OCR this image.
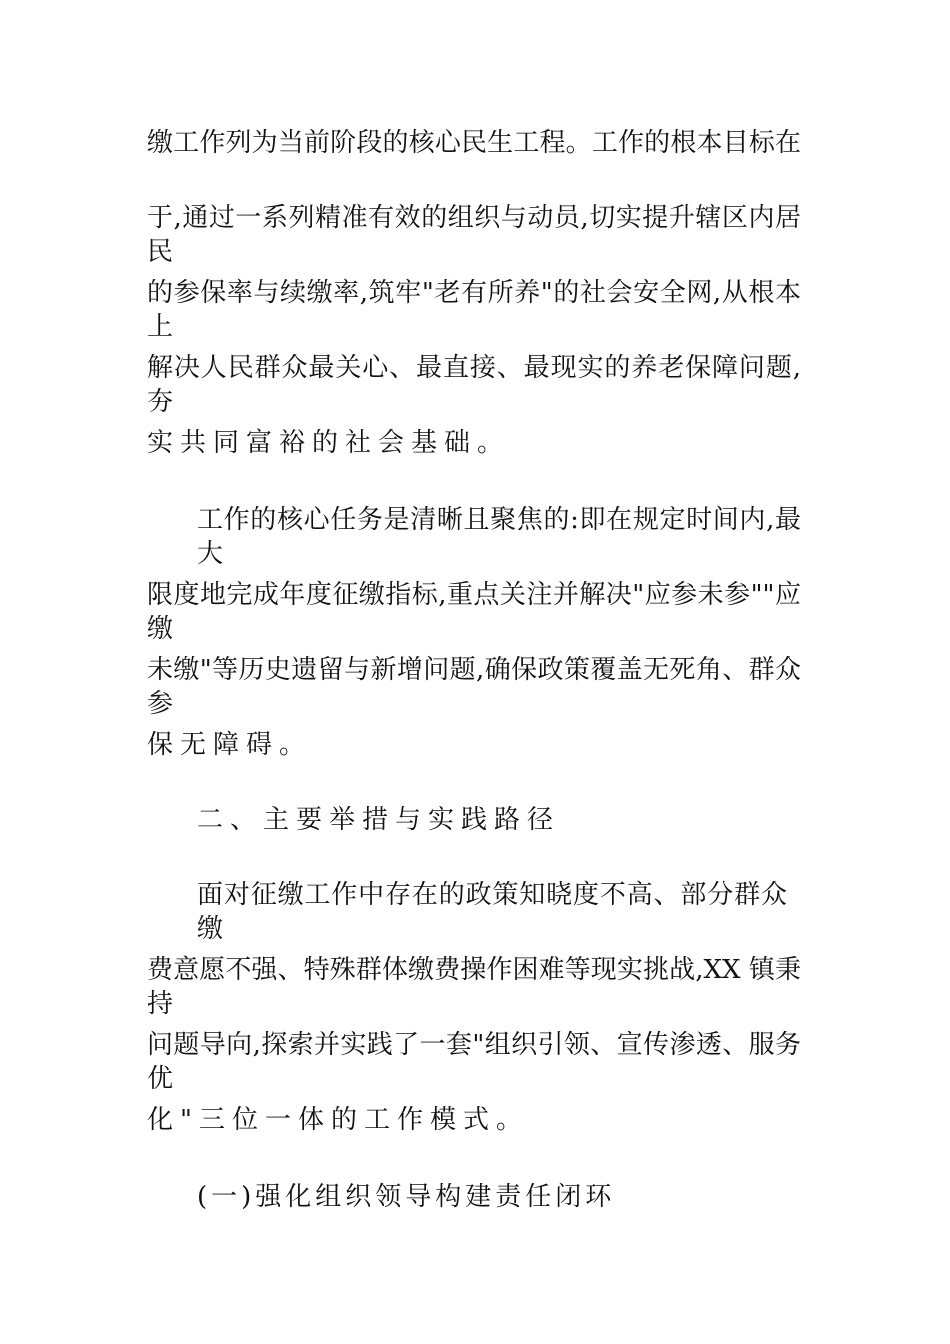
缴工作列为当前阶段的核心民生工程。工作的根本目标在
于,通过一系列精准有效的组织与动员,切实提升辖区内居民
的参保率与续缴率,筑牢"老有所养"的社会安全网,从根本上
解决人民群众最关心、最直接、最现实的养老保障问题,夯
实共同富裕的社会基础。
工作的核心任务是清晰且聚焦的:即在规定时间内,最大
限度地完成年度征缴指标,重点关注并解决"应参未参""应缴
未缴"等历史遗留与新增问题,确保政策覆盖无死角、群众参
保无障碍。
二、主要举措与实践路径
面对征缴工作中存在的政策知晓度不高、部分群众缴
费意愿不强、特殊群体缴费操作困难等现实挑战,XX 镇秉持
问题导向,探索并实践了一套"组织引领、宣传渗透、服务优
化"三位一体的工作模式。
(一)强化组织领导构建责任闭环
